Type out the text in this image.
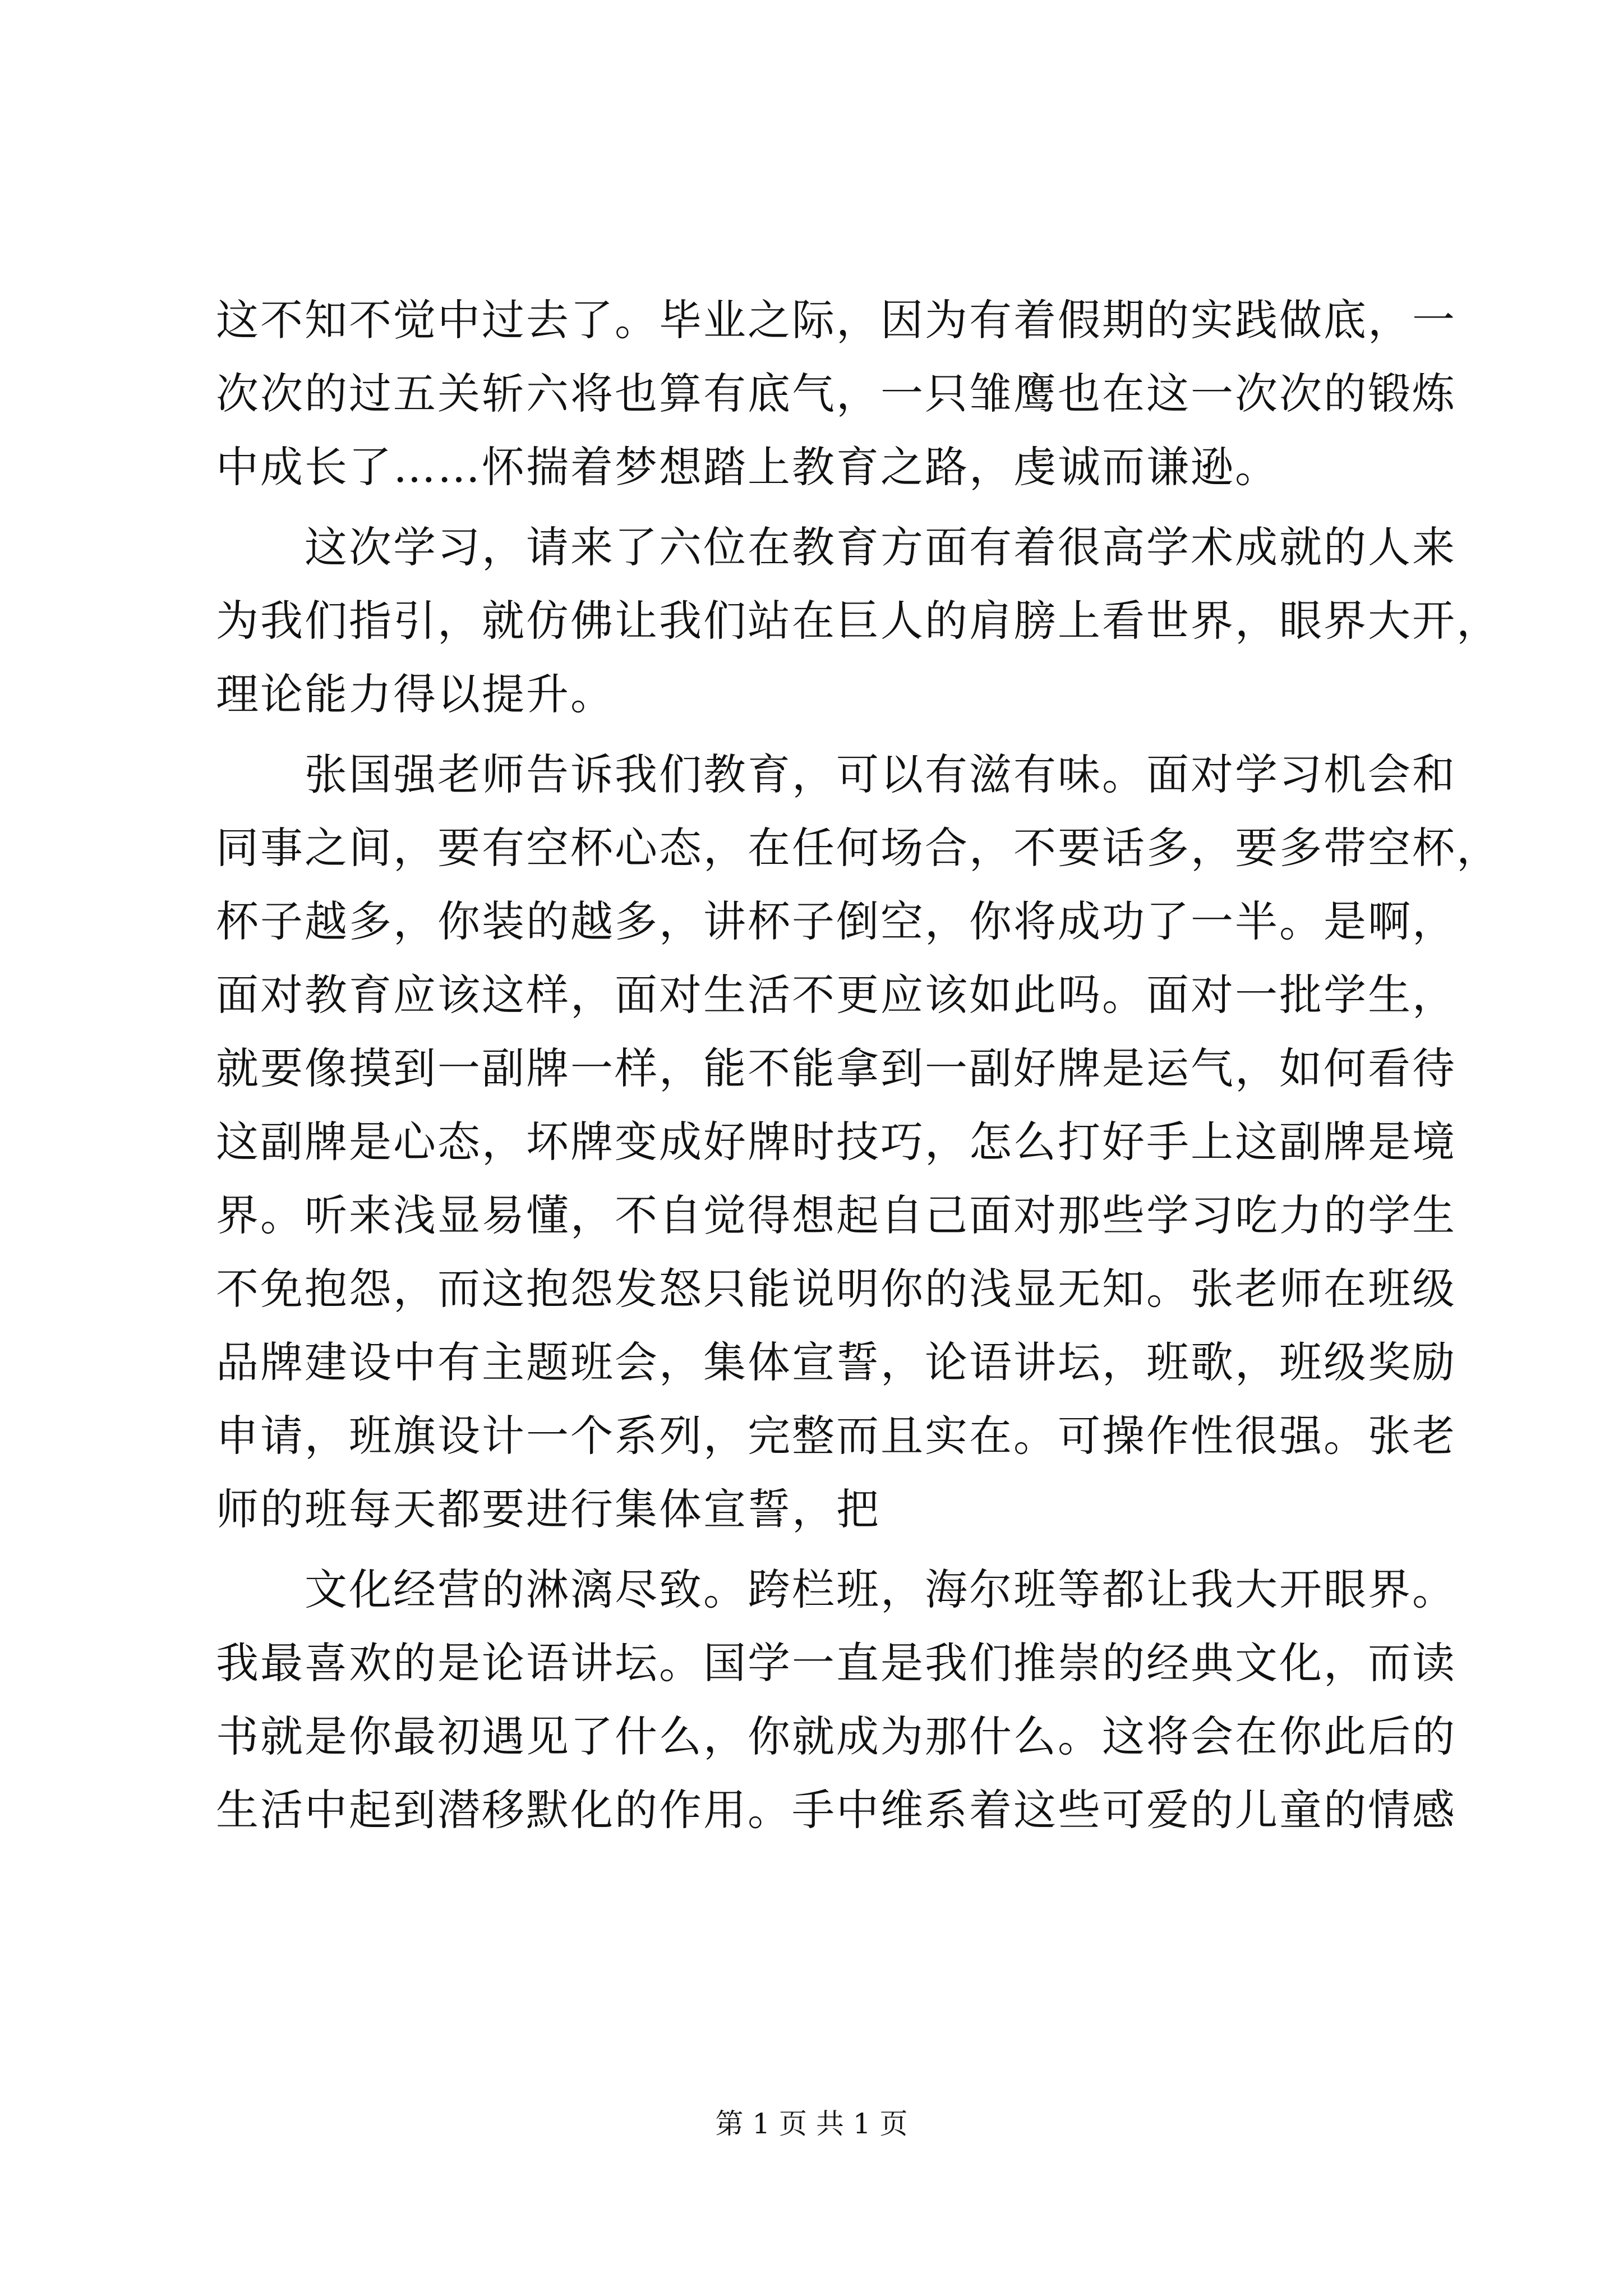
这不知不觉中过去了。毕业之际，因为有着假期的实践做底，一
次次的过五关斩六将也算有底气，一只雏鹰也在这一次次的锻炼
中成长了……怀揣着梦想踏上教育之路，虔诚而谦逊。
　　这次学习，请来了六位在教育方面有着很高学术成就的人来
为我们指引，就仿佛让我们站在巨人的肩膀上看世界，眼界大开，
理论能力得以提升。
　　张国强老师告诉我们教育，可以有滋有味。面对学习机会和
同事之间，要有空杯心态，在任何场合，不要话多，要多带空杯，
杯子越多，你装的越多，讲杯子倒空，你将成功了一半。是啊，
面对教育应该这样，面对生活不更应该如此吗。面对一批学生，
就要像摸到一副牌一样，能不能拿到一副好牌是运气，如何看待
这副牌是心态，坏牌变成好牌时技巧，怎么打好手上这副牌是境
界。听来浅显易懂，不自觉得想起自己面对那些学习吃力的学生
不免抱怨，而这抱怨发怒只能说明你的浅显无知。张老师在班级
品牌建设中有主题班会，集体宣誓，论语讲坛，班歌，班级奖励
申请，班旗设计一个系列，完整而且实在。可操作性很强。张老
师的班每天都要进行集体宣誓，把
　　文化经营的淋漓尽致。跨栏班，海尔班等都让我大开眼界。
我最喜欢的是论语讲坛。国学一直是我们推崇的经典文化，而读
书就是你最初遇见了什么，你就成为那什么。这将会在你此后的
生活中起到潜移默化的作用。手中维系着这些可爱的儿童的情感
第 1 页 共 1 页
